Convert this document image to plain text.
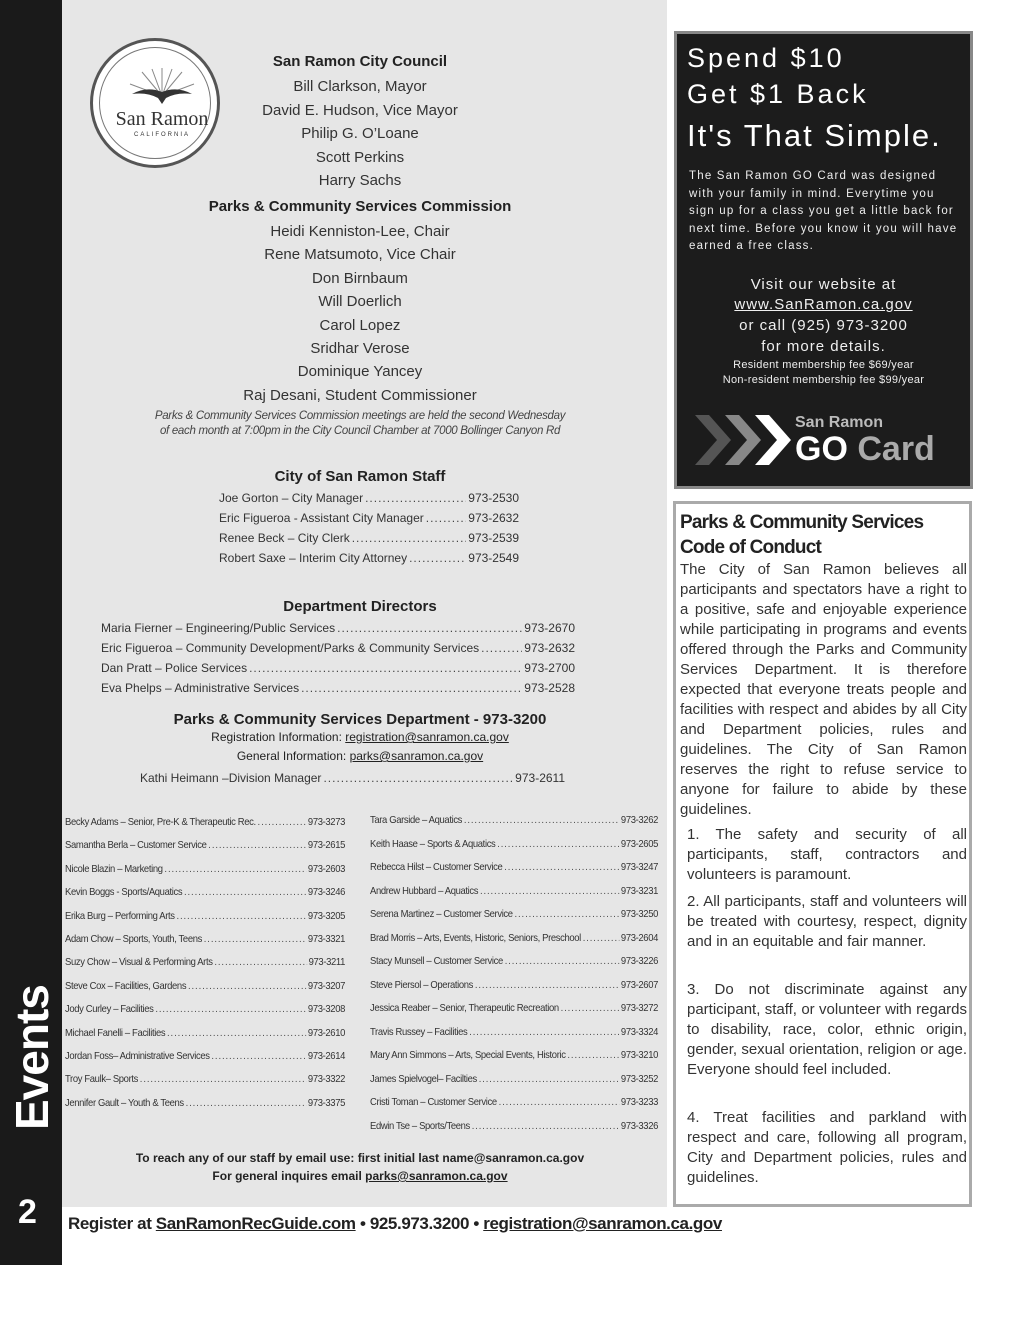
Events
2
San Ramon
CALIFORNIA
San Ramon City Council
Bill Clarkson, Mayor
David E. Hudson, Vice Mayor
Philip G. O’Loane
Scott Perkins
Harry Sachs
Parks & Community Services Commission
Heidi Kenniston-Lee, Chair
Rene Matsumoto, Vice Chair
Don Birnbaum
Will Doerlich
Carol Lopez
Sridhar Verose
Dominique Yancey
Raj Desani, Student Commissioner
Parks & Community Services Commission meetings are held the second Wednesday
of each month at 7:00pm in the City Council Chamber at 7000 Bollinger Canyon Rd
City of San Ramon Staff
Joe Gorton – City Manager .....	973-2530
Eric Figueroa - Assistant City Manager .....	973-2632
Renee Beck – City Clerk .....	973-2539
Robert Saxe – Interim City Attorney .....	973-2549
Department Directors
Maria Fierner – Engineering/Public Services .....	973-2670
Eric Figueroa – Community Development/Parks & Community Services .....	973-2632
Dan Pratt – Police Services .....	973-2700
Eva Phelps – Administrative Services .....	973-2528
Parks & Community Services Department - 973-3200
Registration Information: registration@sanramon.ca.gov
General Information: parks@sanramon.ca.gov
Kathi Heimann –Division Manager .....	973-2611
Becky Adams – Senior, Pre-K & Therapeutic Rec. .....	973-3273
Samantha Berla – Customer Service .....	973-2615
Nicole Blazin – Marketing .....	973-2603
Kevin Boggs - Sports/Aquatics .....	973-3246
Erika Burg – Performing Arts .....	973-3205
Adam Chow – Sports, Youth, Teens .....	973-3321
Suzy Chow – Visual & Performing Arts .....	973-3211
Steve Cox – Facilities, Gardens .....	973-3207
Jody Curley – Facilities .....	973-3208
Michael Fanelli – Facilities .....	973-2610
Jordan Foss– Administrative Services .....	973-2614
Troy Faulk– Sports .....	973-3322
Jennifer Gault – Youth & Teens .....	973-3375
Tara Garside – Aquatics .....	973-3262
Keith Haase – Sports & Aquatics .....	973-2605
Rebecca Hilst – Customer Service .....	973-3247
Andrew Hubbard – Aquatics .....	973-3231
Serena Martinez – Customer Service .....	973-3250
Brad Morris – Arts, Events, Historic, Seniors, Preschool .....	973-2604
Stacy Munsell – Customer Service .....	973-3226
Steve Piersol – Operations .....	973-2607
Jessica Reaber – Senior, Therapeutic Recreation .....	973-3272
Travis Russey – Facilities .....	973-3324
Mary Ann Simmons – Arts, Special Events, Historic .....	973-3210
James Spielvogel– Facilties .....	973-3252
Cristi Toman – Customer Service .....	973-3233
Edwin Tse – Sports/Teens .....	973-3326
To reach any of our staff by email use: first initial last name@sanramon.ca.gov
For general inquires email parks@sanramon.ca.gov
Register at SanRamonRecGuide.com • 925.973.3200 • registration@sanramon.ca.gov
Spend $10
Get $1 Back
It's That Simple.
The San Ramon GO Card was designed with your family in mind. Everytime you sign up for a class you get a little back for next time. Before you know it you will have earned a free class.
Visit our website at
www.SanRamon.ca.gov
or call (925) 973-3200
for more details.
Resident membership fee $69/year
Non-resident membership fee $99/year
San Ramon
GO Card
Parks & Community Services Code of Conduct
The City of San Ramon believes all participants and spectators have a right to a positive, safe and enjoyable experience while participating in programs and events offered through the Parks and Community Services Department. It is therefore expected that everyone treats people and facilities with respect and abides by all City and Department policies, rules and guidelines. The City of San Ramon reserves the right to refuse service to anyone for failure to abide by these guidelines.
1. The safety and security of all participants, staff, contractors and volunteers is paramount.
2. All participants, staff and volunteers will be treated with courtesy, respect, dignity and in an equitable and fair manner.
3. Do not discriminate against any participant, staff, or volunteer with regards to disability, race, color, ethnic origin, gender, sexual orientation, religion or age. Everyone should feel included.
4. Treat facilities and parkland with respect and care, following all program, City and Department policies, rules and guidelines.
